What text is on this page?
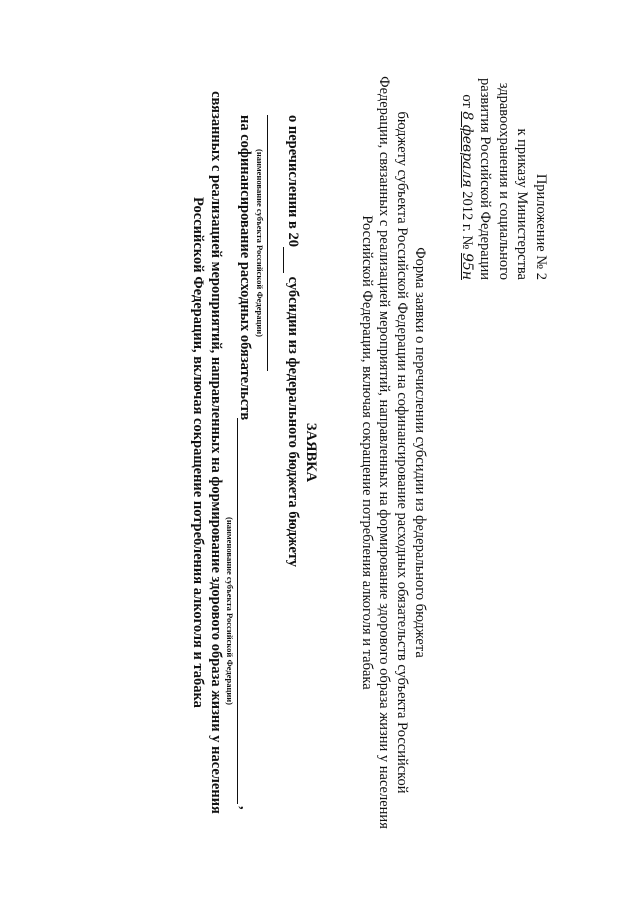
Приложение № 2
к приказу Министерства
здравоохранения и социального
развития Российской Федерации
от 8 февраля 2012 г. № 95н
Форма заявки о перечислении субсидии из федерального бюджета
бюджету субъекта Российской Федерации на софинансирование расходных обязательств субъекта Российской
Федерации, связанных с реализацией мероприятий, направленных на формирование здорового образа жизни у населения
Российской Федерации, включая сокращение потребления алкоголя и табака
ЗАЯВКА
о перечислении в 20  субсидии из федерального бюджета бюджету
(наименование субъекта Российской Федерации)
на софинансирование расходных обязательств
,
(наименование субъекта Российской Федерации)
связанных с реализацией мероприятий, направленных на формирование здорового образа жизни у населения
Российской Федерации, включая сокращение потребления алкоголя и табака
